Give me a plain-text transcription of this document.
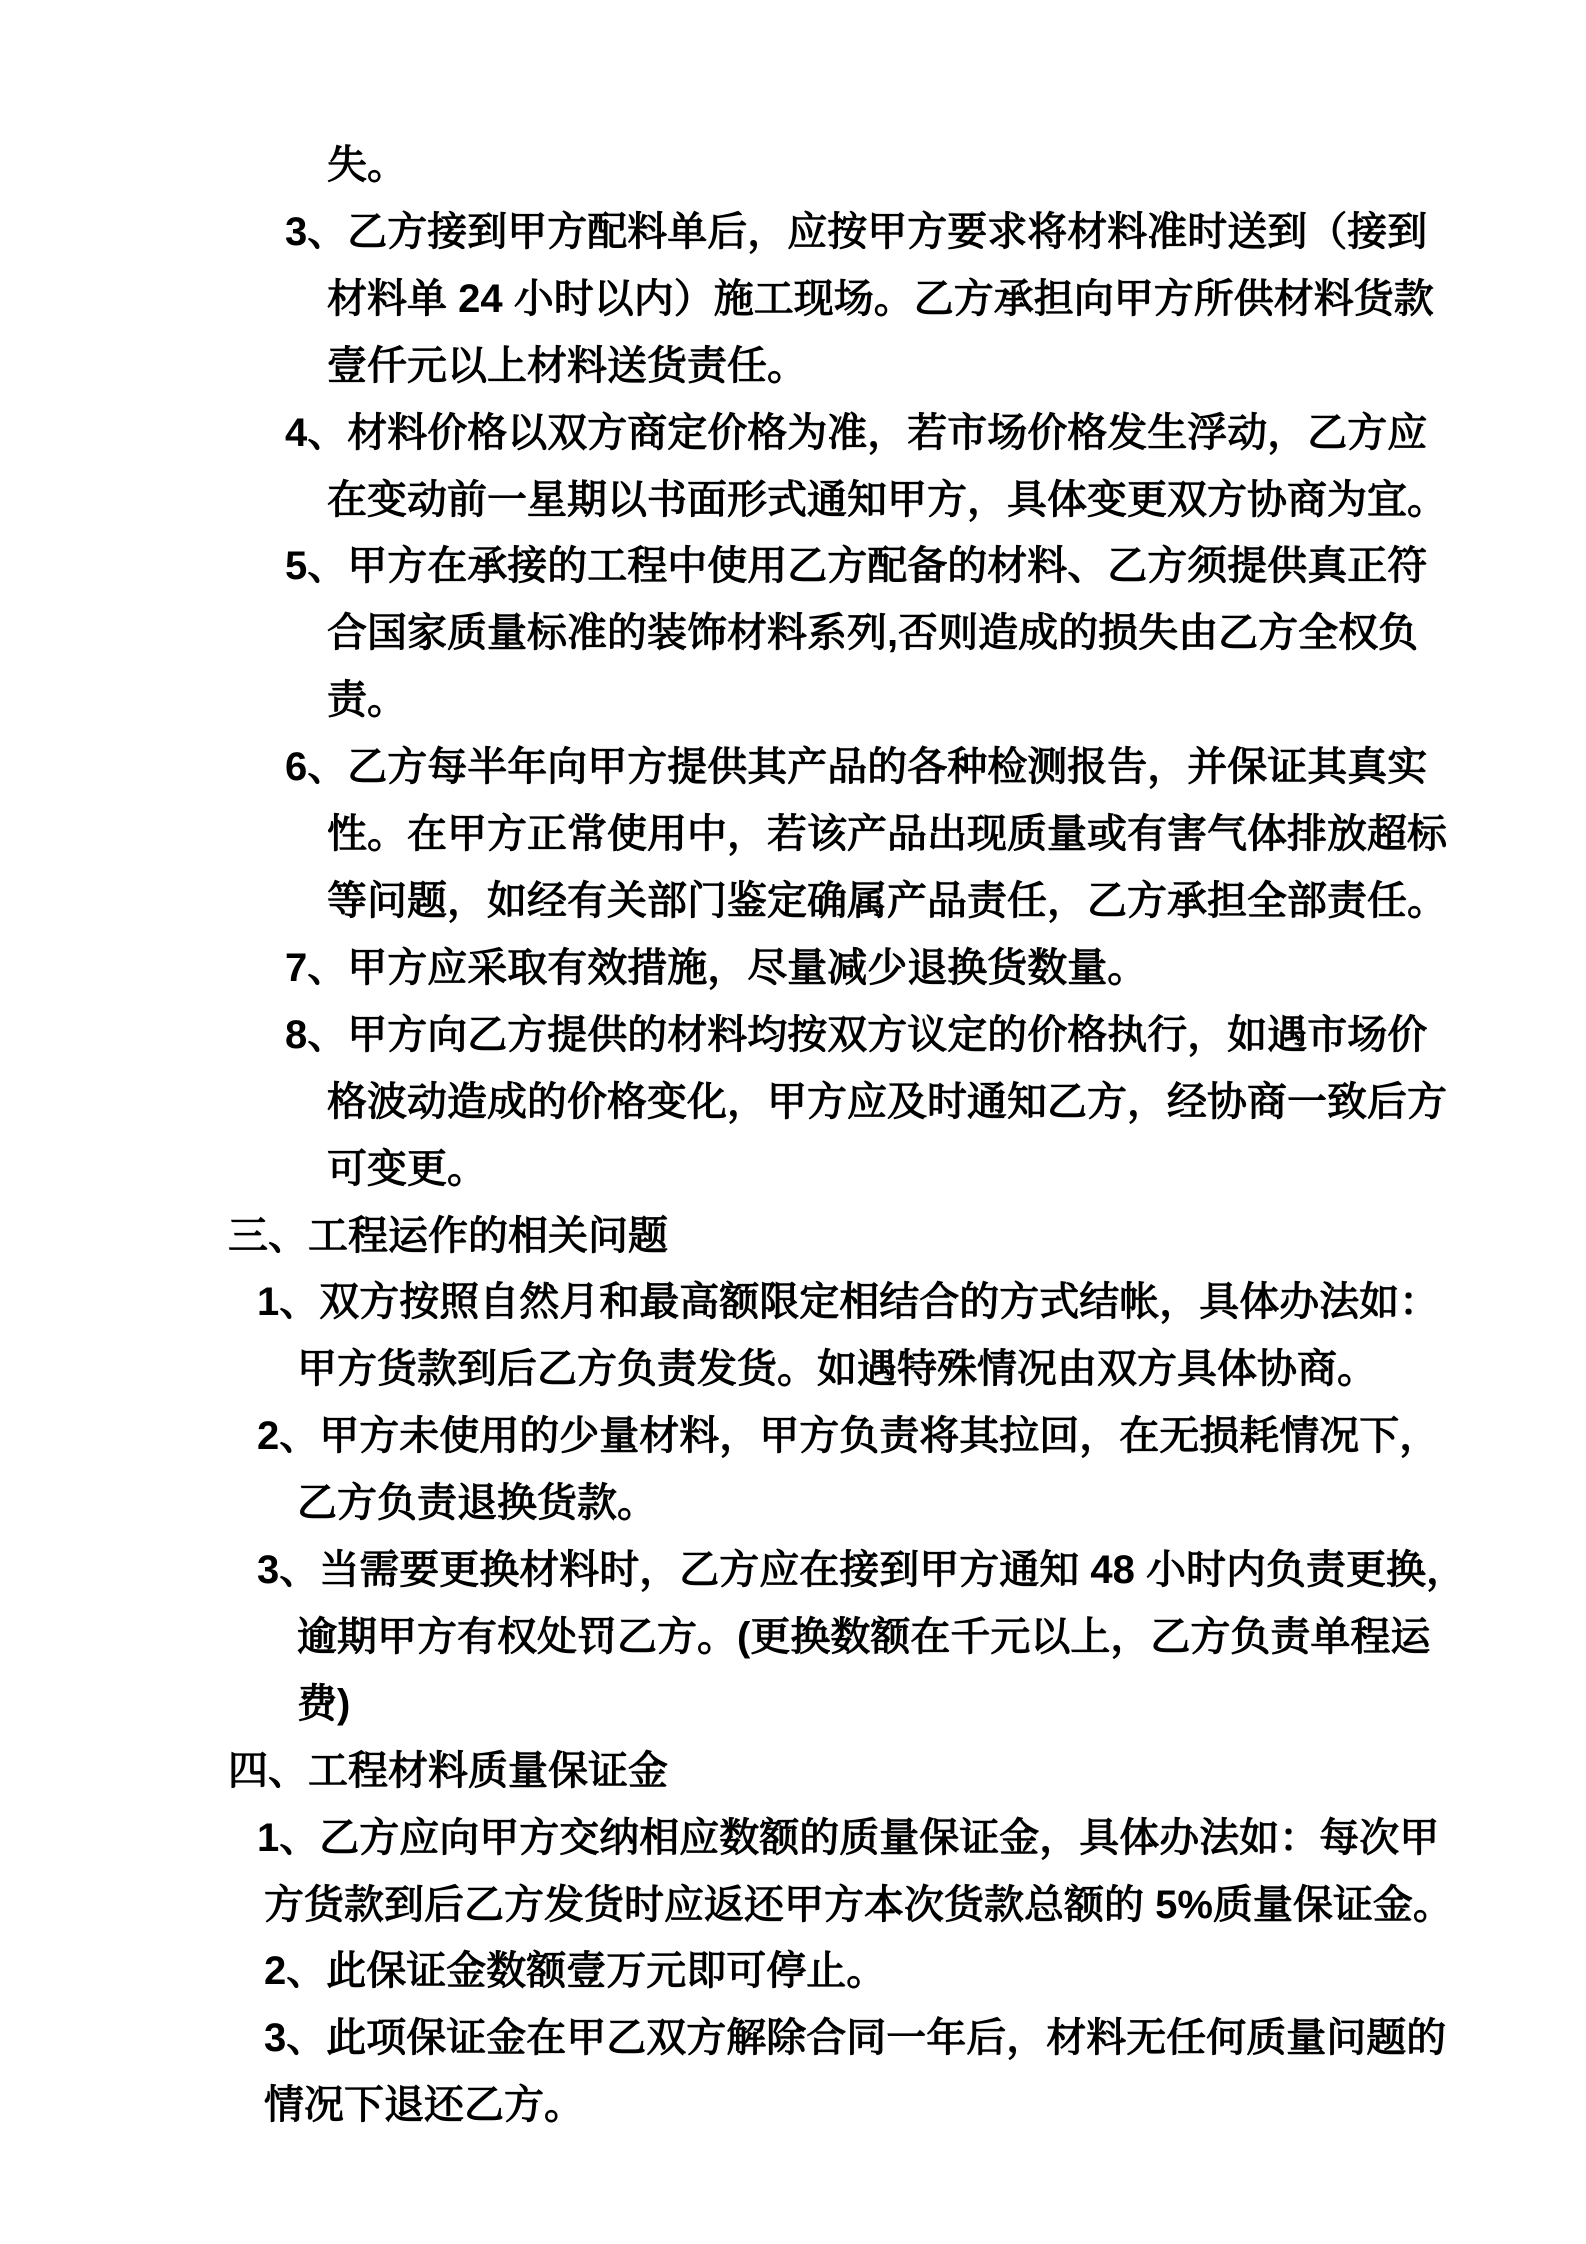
失。

3、乙方接到甲方配料单后，应按甲方要求将材料准时送到（接到

材料单 24 小时以内）施工现场。乙方承担向甲方所供材料货款

壹仟元以上材料送货责任。

4、材料价格以双方商定价格为准，若市场价格发生浮动，乙方应

在变动前一星期以书面形式通知甲方，具体变更双方协商为宜。

5、甲方在承接的工程中使用乙方配备的材料、乙方须提供真正符

合国家质量标准的装饰材料系列,否则造成的损失由乙方全权负

责。

6、乙方每半年向甲方提供其产品的各种检测报告，并保证其真实

性。在甲方正常使用中，若该产品出现质量或有害气体排放超标

等问题，如经有关部门鉴定确属产品责任，乙方承担全部责任。

7、甲方应采取有效措施，尽量减少退换货数量。

8、甲方向乙方提供的材料均按双方议定的价格执行，如遇市场价

格波动造成的价格变化，甲方应及时通知乙方，经协商一致后方

可变更。

三、工程运作的相关问题

1、双方按照自然月和最高额限定相结合的方式结帐，具体办法如：

甲方货款到后乙方负责发货。如遇特殊情况由双方具体协商。

2、甲方未使用的少量材料，甲方负责将其拉回，在无损耗情况下，

乙方负责退换货款。

3、当需要更换材料时，乙方应在接到甲方通知 48 小时内负责更换，

逾期甲方有权处罚乙方。(更换数额在千元以上，乙方负责单程运

费)

四、工程材料质量保证金

1、乙方应向甲方交纳相应数额的质量保证金，具体办法如：每次甲

方货款到后乙方发货时应返还甲方本次货款总额的 5%质量保证金。

2、此保证金数额壹万元即可停止。

3、此项保证金在甲乙双方解除合同一年后，材料无任何质量问题的

情况下退还乙方。
